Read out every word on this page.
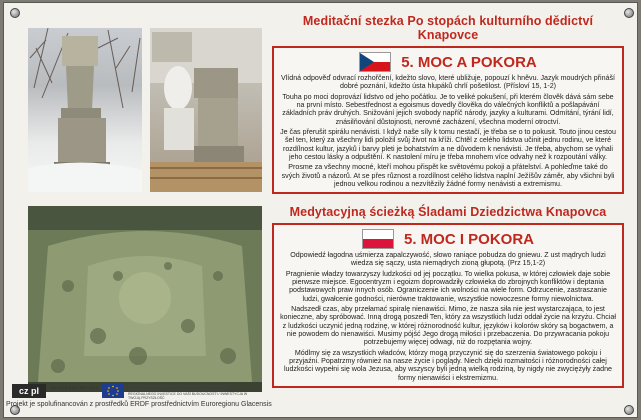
Meditační stezka Po stopách kulturního dědictví Knapovce
5. MOC A POKORA

Vlídná odpověď odvrací rozhořčení, kdežto slovo, které ubližuje, popouzí k hněvu. Jazyk moudrých přináší dobré poznání, kdežto ústa hlupáků chrlí pošetilost. (Přísloví 15, 1-2)

Touha po moci doprovází lidstvo od jeho počátku. Je to veliké pokušení, při kterém člověk dává sám sebe na první místo. Sebestřednost a egoismus dovedly člověka do válečných konfliktů a pošlapávání základních práv druhých. Snižování jejich svobody napříč národy, jazyky a kulturami. Odmítání, týrání lidí, znásilňování důstojnosti, nerovné zacházení, všechna moderní otroctví.

Je čas přerušit spirálu nenávisti. I když naše síly k tomu nestačí, je třeba se o to pokusit. Touto jinou cestou šel ten, který za všechny lidi položil svůj život na kříži. Chtěl z celého lidstva učinit jednu rodinu, ve které rozdílnost kultur, jazyků i barvy pleti je bohatstvím a ne důvodem k nenávisti. Je třeba, abychom se vyhali jeho cestou lásky a odpuštění. K nastolení míru je třeba mnohem více odvahy než k rozpoutání války.

Prosme za všechny mocné, kteří mohou přispět ke světovému pokoji a přátelství. A pohleďme také do svých životů a názorů. At se přes různost a rozdílnost celého lidstva naplní Ježíšův záměr, aby všichni byli jednou velkou rodinou a nezvítězily žádné formy nenávisti a extremismu.

Medytacyjną ścieżką Śladami Dziedzictwa Knapovca
5. MOC I POKORA

Odpowiedź łagodna uśmierza zapalczywość, słowo raniące pobudza do gniewu. Z ust mądrych ludzi wiedza się sączy, usta niemądrych zioną głupotą. (Prz 15,1-2)

Pragnienie władzy towarzyszy ludzkości od jej początku. To wielka pokusa, w której człowiek daje sobie pierwsze miejsce. Egocentryzm i egoizm doprowadziły człowieka do zbrojnych konfliktów i deptania podstawowych praw innych osób. Ograniczenie ich wolności na wiele form. Odrzucenie, zastraszanie ludzi, gwałcenie godności, nierówne traktowanie, wszystkie nowoczesne formy niewolnictwa.

Nadszedł czas, aby przełamać spiralę nienawiści. Mimo, że nasza siła nie jest wystarczająca, to jest konieczne, aby spróbować. Inną drogą poszedł Ten, który za wszystkich ludzi oddał życie na krzyżu. Chciał z ludzkości uczynić jedną rodzinę, w której różnorodność kultur, języków i kolorów skóry są bogactwem, a nie powodem do nienawiści. Musimy pójść Jego drogą miłości i przebaczenia. Do przywracania pokoju potrzebujemy więcej odwagi, niż do rozpętania wojny.

Módlmy się za wszystkich władców, którzy mogą przyczynić się do szerzenia światowego pokoju i przyjaźni. Popatrzmy również na nasze życie i poglądy. Niech dzięki rozmaitości i różnorodności całej ludzkości wypełni się wola Jezusa, aby wszyscy byli jedną wielką rodziną, by nigdy nie zwyciężyły żadne formy nienawiści i ekstremizmu.

cz pl	CZ.3.22/1.3.00/ 2007-2013	EVROPSKÁ UNIE / UNIA EUROPEJSKA EVROPSKÝ FOND PRO REGIONÁLNÍ ROZVOJ / EUROPEJSKI FUNDUSZ ROZWOJU REGIONALNEGO INVESTICE DO VAŠÍ BUDOUCNOSTI / INWESTYCJA W TWOJĄ PRZYSZŁOŚĆ
Projekt je spolufinancován z prostředků ERDF prostřednictvím Euroregionu Glacensis
